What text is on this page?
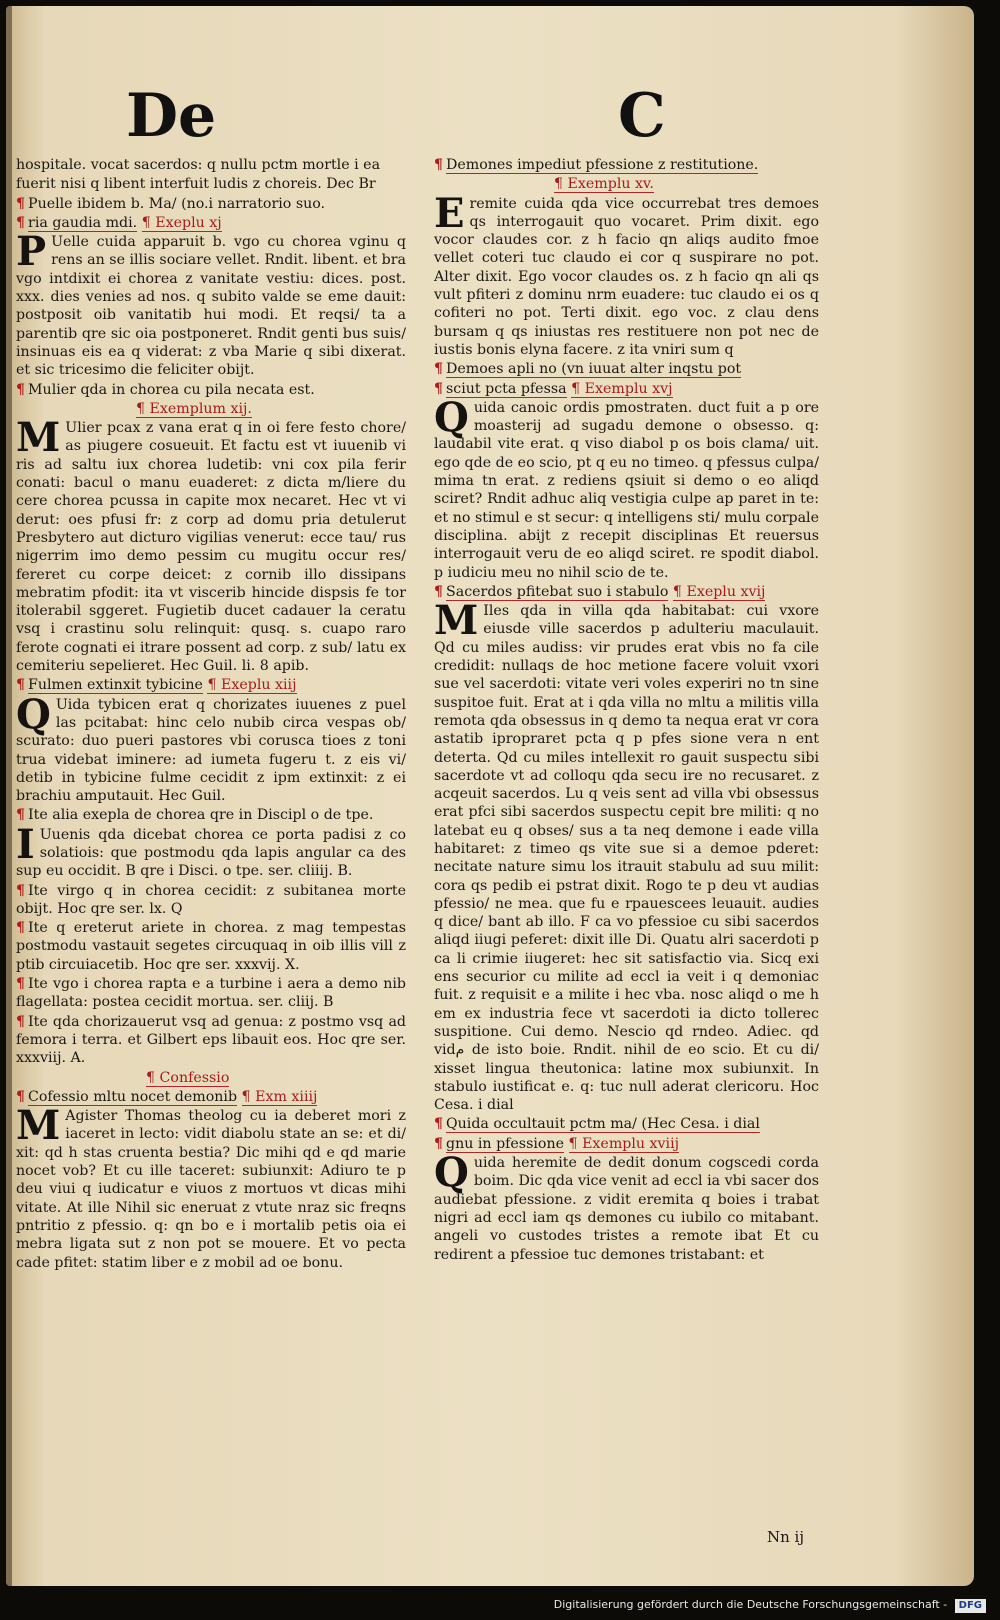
De	C

hospitale. vocat sacerdos: q nullu pctm mortle i ea

fuerit nisi q libent interfuit ludis z choreis. Dec Br

¶ Puelle ibidem b. Ma/ (no.i narratorio suo.

¶ ria gaudia mdi. ¶ Exeplu xj

P Uelle cuida apparuit b. vgo cu chorea vginu q rens an se illis sociare vellet. Rndit. libent. et bra vgo intdixit ei chorea z vanitate vestiu: dices. post. xxx. dies venies ad nos. q subito valde se eme dauit: postposit oib vanitatib hui modi. Et reqsi/ ta a parentib qre sic oia postponeret. Rndit genti bus suis/ insinuas eis ea q viderat: z vba Marie q sibi dixerat. et sic tricesimo die feliciter obijt.

¶ Mulier qda in chorea cu pila necata est.

¶ Exemplum xij.

M Ulier pcax z vana erat q in oi fere festo chore/ as piugere cosueuit. Et factu est vt iuuenib vi ris ad saltu iux chorea ludetib: vni cox pila ferir conati: bacul o manu euaderet: z dicta m/liere du cere chorea pcussa in capite mox necaret. Hec vt vi derut: oes pfusi fr: z corp ad domu pria detulerut Presbytero aut dicturo vigilias venerut: ecce tau/ rus nigerrim imo demo pessim cu mugitu occur res/ fereret cu corpe deicet: z cornib illo dissipans mebratim pfodit: ita vt viscerib hincide dispsis fe tor itolerabil sggeret. Fugietib ducet cadauer la ceratu vsq i crastinu solu relinquit: qusq. s. cuapo raro ferote cognati ei itrare possent ad corp. z sub/ latu ex cemiteriu sepelieret. Hec Guil. li. 8 apib.

¶ Fulmen extinxit tybicine ¶ Exeplu xiij

Q Uida tybicen erat q chorizates iuuenes z puel las pcitabat: hinc celo nubib circa vespas ob/ scurato: duo pueri pastores vbi corusca tioes z toni trua videbat iminere: ad iumeta fugeru t. z eis vi/ detib in tybicine fulme cecidit z ipm extinxit: z ei brachiu amputauit. Hec Guil.

¶ Ite alia exepla de chorea qre in Discipl o de tpe.

I Uuenis qda dicebat chorea ce porta padisi z co solatiois: que postmodu qda lapis angular ca des sup eu occidit. B qre i Disci. o tpe. ser. cliiij. B.

¶ Ite virgo q in chorea cecidit: z subitanea morte obijt. Hoc qre ser. lx. Q

¶ Ite q ereterut ariete in chorea. z mag tempestas postmodu vastauit segetes circuquaq in oib illis vill z ptib circuiacetib. Hoc qre ser. xxxvij. X.

¶ Ite vgo i chorea rapta e a turbine i aera a demo nib flagellata: postea cecidit mortua. ser. cliij. B

¶ Ite qda chorizauerut vsq ad genua: z postmo vsq ad femora i terra. et Gilbert eps libauit eos. Hoc qre ser. xxxviij. A.

¶ Confessio

¶ Cofessio mltu nocet demonib ¶ Exm xiiij

M Agister Thomas theolog cu ia deberet mori z iaceret in lecto: vidit diabolu state an se: et di/ xit: qd h stas cruenta bestia? Dic mihi qd e qd marie nocet vob? Et cu ille taceret: subiunxit: Adiuro te p deu viui q iudicatur e viuos z mortuos vt dicas mihi vitate. At ille Nihil sic eneruat z vtute nraz sic freqns pntritio z pfessio. q: qn bo e i mortalib petis oia ei mebra ligata sut z non pot se mouere. Et vo pecta cade pfitet: statim liber e z mobil ad oe bonu.

¶ Demones impediut pfessione z restitutione.

¶ Exemplu xv.

Eremite cuida qda vice occurrebat tres demoes qs interrogauit quo vocaret. Prim dixit. ego vocor claudes cor. z h facio qn aliqs audito fmoe vellet coteri tuc claudo ei cor q suspirare no pot. Alter dixit. Ego vocor claudes os. z h facio qn ali qs vult pfiteri z dominu nrm euadere: tuc claudo ei os q cofiteri no pot. Terti dixit. ego voc. z clau dens bursam q qs iniustas res restituere non pot nec de iustis bonis elyna facere. z ita vniri sum q

¶ Demoes apli no (vn iuuat alter inqstu pot

¶ sciut pcta pfessa ¶ Exemplu xvj

Quida canoic ordis pmostraten. duct fuit a p ore moasterij ad sugadu demone o obsesso. q: laudabil vite erat. q viso diabol p os bois clama/ uit. ego qde de eo scio, pt q eu no timeo. q pfessus culpa/ mima tn erat. z rediens qsiuit si demo o eo aliqd sciret? Rndit adhuc aliq vestigia culpe ap paret in te: et no stimul e st secur: q intelligens sti/ mulu corpale disciplina. abijt z recepit disciplinas Et reuersus interrogauit veru de eo aliqd sciret. re spodit diabol. p iudiciu meu no nihil scio de te.

¶ Sacerdos pfitebat suo i stabulo ¶ Exeplu xvij

M Iles qda in villa qda habitabat: cui vxore eiusde ville sacerdos p adulteriu maculauit. Qd cu miles audiss: vir prudes erat vbis no fa cile credidit: nullaqs de hoc metione facere voluit vxori sue vel sacerdoti: vitate veri voles experiri no tn sine suspitoe fuit. Erat at i qda villa no mltu a militis villa remota qda obsessus in q demo ta nequa erat vr cora astatib ipropraret pcta q p pfes sione vera n ent deterta. Qd cu miles intellexit ro gauit suspectu sibi sacerdote vt ad colloqu qda secu ire no recusaret. z acqeuit sacerdos. Lu q veis sent ad villa vbi obsessus erat pfci sibi sacerdos suspectu cepit bre militi: q no latebat eu q obses/ sus a ta neq demone i eade villa habitaret: z timeo qs vite sue si a demoe pderet: necitate nature simu los itrauit stabulu ad suu milit: cora qs pedib ei pstrat dixit. Rogo te p deu vt audias pfessio/ ne mea. que fu e rpauescees leuauit. audies q dice/ bant ab illo. F ca vo pfessioe cu sibi sacerdos aliqd iiugi peferet: dixit ille Di. Quatu alri sacerdoti p ca li crimie iiugeret: hec sit satisfactio via. Sicq exi ens securior cu milite ad eccl ia veit i q demoniac fuit. z requisit e a milite i hec vba. nosc aliqd o me h em ex industria fece vt sacerdoti ia dicto tollerec suspitione. Cui demo. Nescio qd rndeo. Adiec. qd vidم de isto boie. Rndit. nihil de eo scio. Et cu di/ xisset lingua theutonica: latine mox subiunxit. In stabulo iustificat e. q: tuc null aderat clericoru. Hoc Cesa. i dial

¶ Quida occultauit pctm ma/ (Hec Cesa. i dial

¶ gnu in pfessione ¶ Exemplu xviij

Quida heremite de dedit donum cogscedi corda boim. Dic qda vice venit ad eccl ia vbi sacer dos audiebat pfessione. z vidit eremita q boies i trabat nigri ad eccl iam qs demones cu iubilo co mitabant. angeli vo custodes tristes a remote ibat Et cu redirent a pfessioe tuc demones tristabant: et

Nn ij
Digitalisierung gefördert durch die Deutsche Forschungsgemeinschaft - DFG
